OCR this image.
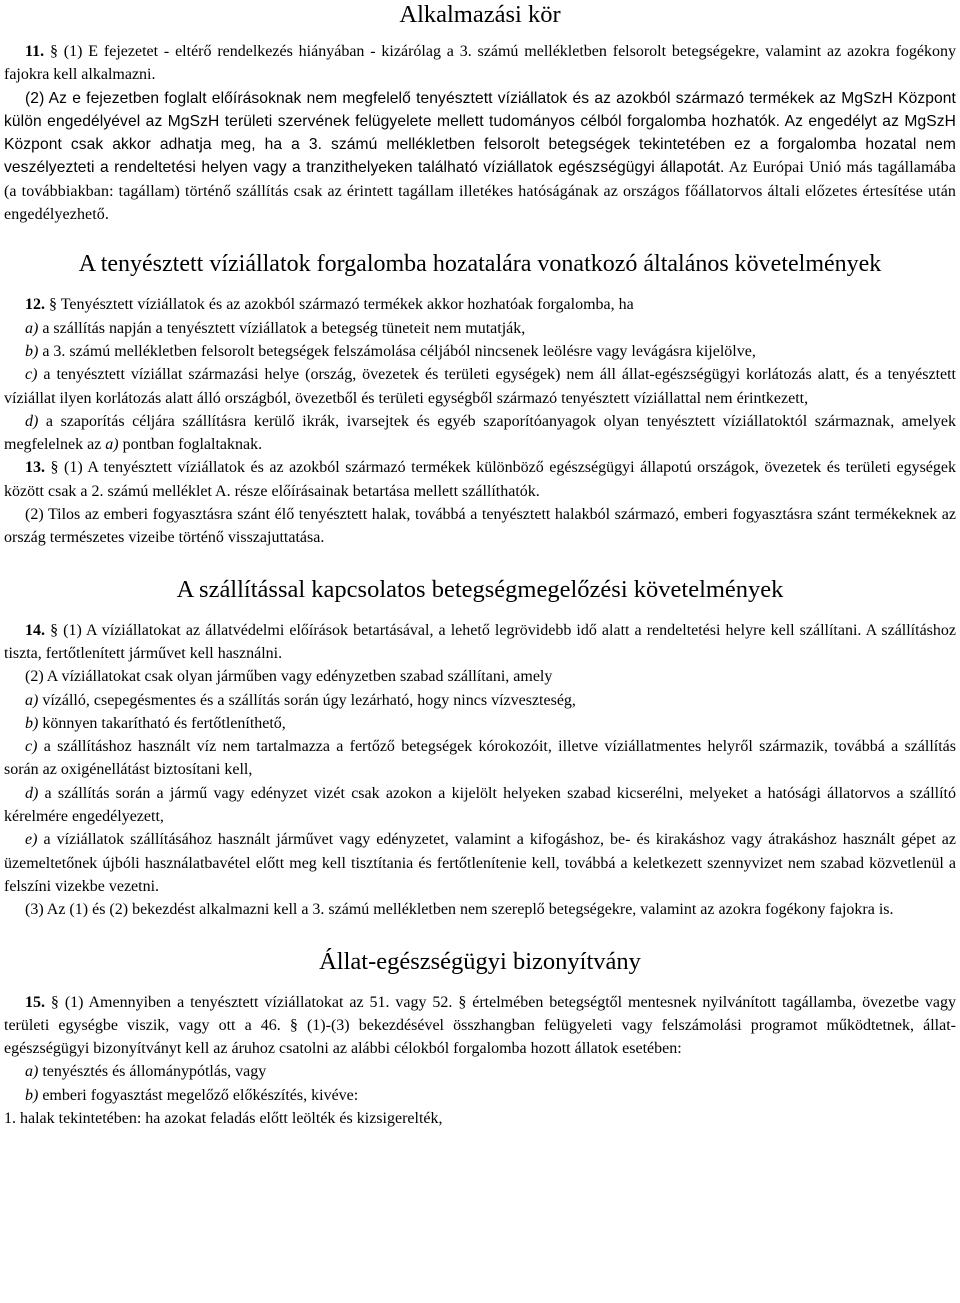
Alkalmazási kör

11. § (1) E fejezetet - eltérő rendelkezés hiányában - kizárólag a 3. számú mellékletben felsorolt betegségekre, valamint az azokra fogékony fajokra kell alkalmazni.

(2) Az e fejezetben foglalt előírásoknak nem megfelelő tenyésztett víziállatok és az azokból származó termékek az MgSzH Központ külön engedélyével az MgSzH területi szervének felügyelete mellett tudományos célból forgalomba hozhatók. Az engedélyt az MgSzH Központ csak akkor adhatja meg, ha a 3. számú mellékletben felsorolt betegségek tekintetében ez a forgalomba hozatal nem veszélyezteti a rendeltetési helyen vagy a tranzithelyeken található víziállatok egészségügyi állapotát. Az Európai Unió más tagállamába (a továbbiakban: tagállam) történő szállítás csak az érintett tagállam illetékes hatóságának az országos főállatorvos általi előzetes értesítése után engedélyezhető.

A tenyésztett víziállatok forgalomba hozatalára vonatkozó általános követelmények

12. § Tenyésztett víziállatok és az azokból származó termékek akkor hozhatóak forgalomba, ha

a) a szállítás napján a tenyésztett víziállatok a betegség tüneteit nem mutatják,

b) a 3. számú mellékletben felsorolt betegségek felszámolása céljából nincsenek leölésre vagy levágásra kijelölve,

c) a tenyésztett víziállat származási helye (ország, övezetek és területi egységek) nem áll állat-egészségügyi korlátozás alatt, és a tenyésztett víziállat ilyen korlátozás alatt álló országból, övezetből és területi egységből származó tenyésztett víziállattal nem érintkezett,

d) a szaporítás céljára szállításra kerülő ikrák, ivarsejtek és egyéb szaporítóanyagok olyan tenyésztett víziállatoktól származnak, amelyek megfelelnek az a) pontban foglaltaknak.

13. § (1) A tenyésztett víziállatok és az azokból származó termékek különböző egészségügyi állapotú országok, övezetek és területi egységek között csak a 2. számú melléklet A. része előírásainak betartása mellett szállíthatók.

(2) Tilos az emberi fogyasztásra szánt élő tenyésztett halak, továbbá a tenyésztett halakból származó, emberi fogyasztásra szánt termékeknek az ország természetes vizeibe történő visszajuttatása.

A szállítással kapcsolatos betegségmegelőzési követelmények

14. § (1) A víziállatokat az állatvédelmi előírások betartásával, a lehető legrövidebb idő alatt a rendeltetési helyre kell szállítani. A szállításhoz tiszta, fertőtlenített járművet kell használni.

(2) A víziállatokat csak olyan járműben vagy edényzetben szabad szállítani, amely

a) vízálló, csepegésmentes és a szállítás során úgy lezárható, hogy nincs vízveszteség,

b) könnyen takarítható és fertőtleníthető,

c) a szállításhoz használt víz nem tartalmazza a fertőző betegségek kórokozóit, illetve víziállatmentes helyről származik, továbbá a szállítás során az oxigénellátást biztosítani kell,

d) a szállítás során a jármű vagy edényzet vizét csak azokon a kijelölt helyeken szabad kicserélni, melyeket a hatósági állatorvos a szállító kérelmére engedélyezett,

e) a víziállatok szállításához használt járművet vagy edényzetet, valamint a kifogáshoz, be- és kirakáshoz vagy átrakáshoz használt gépet az üzemeltetőnek újbóli használatbavétel előtt meg kell tisztítania és fertőtlenítenie kell, továbbá a keletkezett szennyvizet nem szabad közvetlenül a felszíni vizekbe vezetni.

(3) Az (1) és (2) bekezdést alkalmazni kell a 3. számú mellékletben nem szereplő betegségekre, valamint az azokra fogékony fajokra is.

Állat-egészségügyi bizonyítvány

15. § (1) Amennyiben a tenyésztett víziállatokat az 51. vagy 52. § értelmében betegségtől mentesnek nyilvánított tagállamba, övezetbe vagy területi egységbe viszik, vagy ott a 46. § (1)-(3) bekezdésével összhangban felügyeleti vagy felszámolási programot működtetnek, állat-egészségügyi bizonyítványt kell az áruhoz csatolni az alábbi célokból forgalomba hozott állatok esetében:

a) tenyésztés és állománypótlás, vagy

b) emberi fogyasztást megelőző előkészítés, kivéve:

1. halak tekintetében: ha azokat feladás előtt leölték és kizsigerelték,
